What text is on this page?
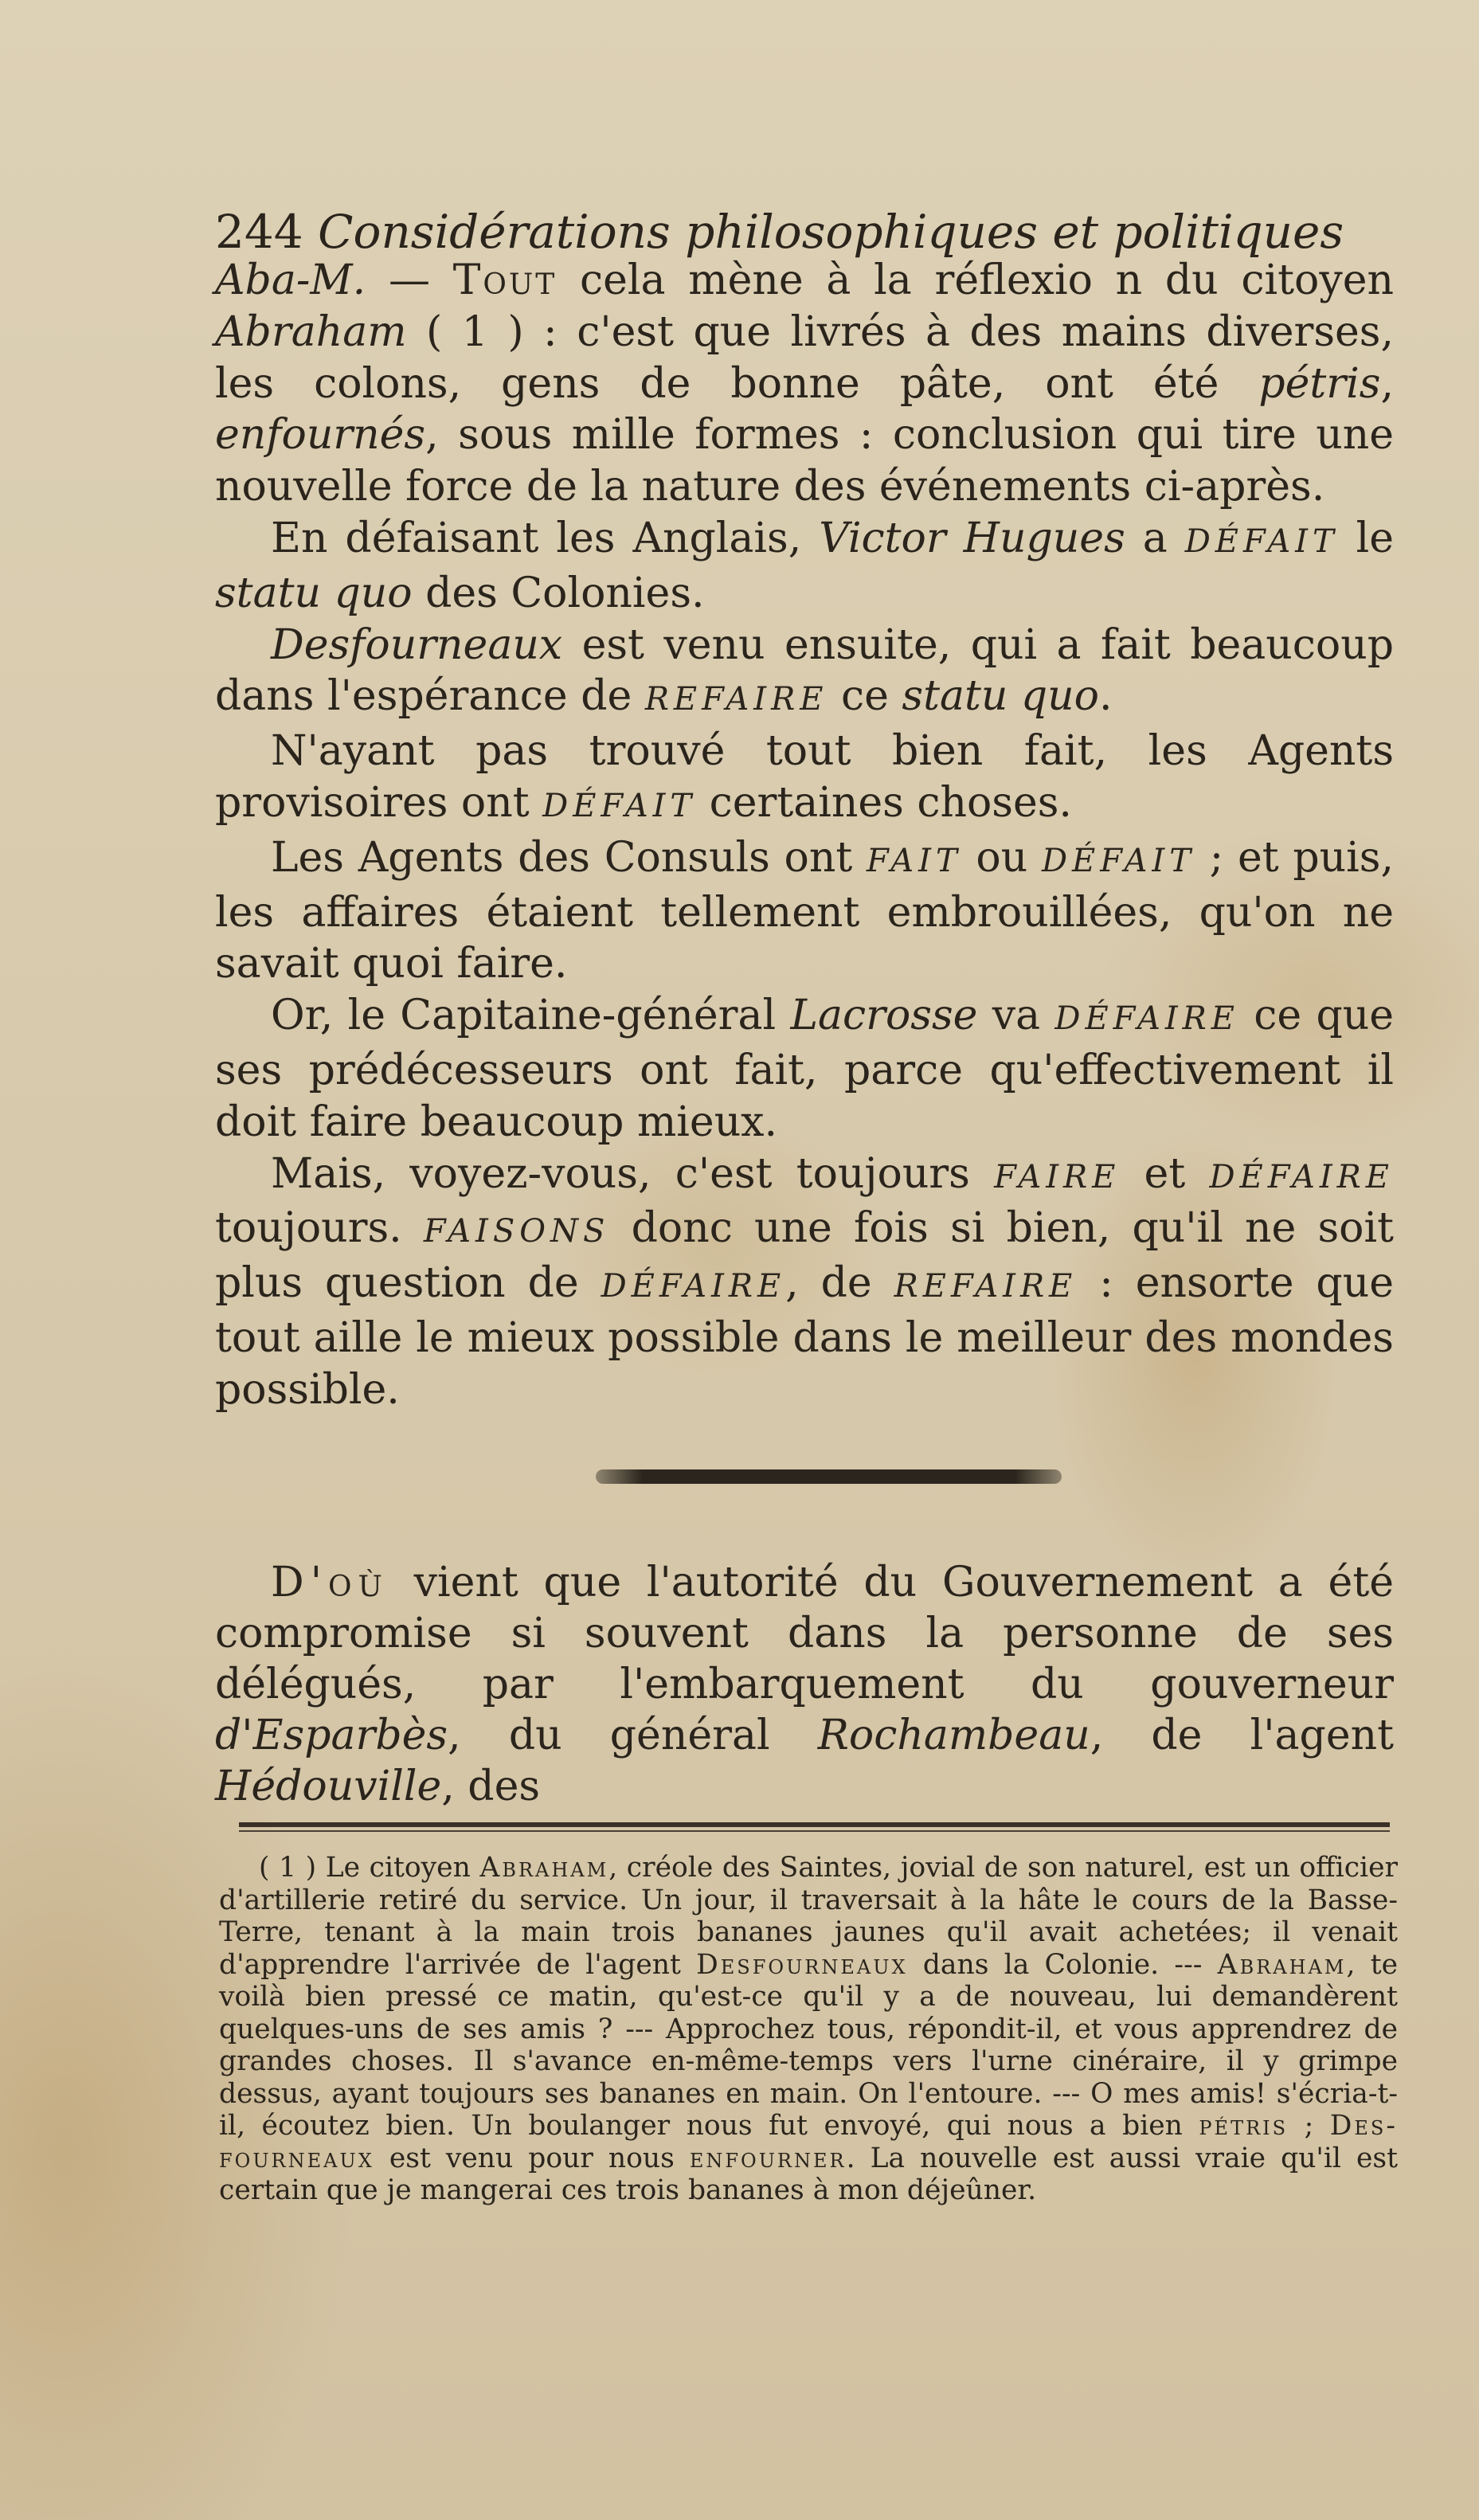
244 Considérations philosophiques et politiques

Aba-M. — Tout cela mène à la réflexio n du citoyen Abraham ( 1 ) : c'est que livrés à des mains diverses, les colons, gens de bonne pâte, ont été pétris, enfournés, sous mille formes : conclusion qui tire une nouvelle force de la nature des événements ci-après.

En défaisant les Anglais, Victor Hugues a DÉFAIT le statu quo des Colonies.

Desfourneaux est venu ensuite, qui a fait beaucoup dans l'espérance de REFAIRE ce statu quo.

N'ayant pas trouvé tout bien fait, les Agents provisoires ont DÉFAIT certaines choses.

Les Agents des Consuls ont FAIT ou DÉFAIT ; et puis, les affaires étaient tellement embrouillées, qu'on ne savait quoi faire.

Or, le Capitaine-général Lacrosse va DÉFAIRE ce que ses prédécesseurs ont fait, parce qu'effectivement il doit faire beaucoup mieux.

Mais, voyez-vous, c'est toujours FAIRE et DÉFAIRE toujours. FAISONS donc une fois si bien, qu'il ne soit plus question de DÉFAIRE, de REFAIRE : ensorte que tout aille le mieux possible dans le meilleur des mondes possible.

D'où vient que l'autorité du Gouvernement a été compromise si souvent dans la personne de ses délégués, par l'embarquement du gouverneur d'Esparbès, du général Rochambeau, de l'agent Hédouville, des

( 1 ) Le citoyen Abraham, créole des Saintes, jovial de son naturel, est un officier d'artillerie retiré du service. Un jour, il traversait à la hâte le cours de la Basse-Terre, tenant à la main trois bananes jaunes qu'il avait achetées; il venait d'apprendre l'arrivée de l'agent Desfourneaux dans la Colonie. --- Abraham, te voilà bien pressé ce matin, qu'est-ce qu'il y a de nouveau, lui demandèrent quelques-uns de ses amis ? --- Approchez tous, répondit-il, et vous apprendrez de grandes choses. Il s'avance en-même-temps vers l'urne cinéraire, il y grimpe dessus, ayant toujours ses bananes en main. On l'entoure. --- O mes amis! s'écria-t-il, écoutez bien. Un boulanger nous fut envoyé, qui nous a bien pétris ; Des-fourneaux est venu pour nous enfourner. La nouvelle est aussi vraie qu'il est certain que je mangerai ces trois bananes à mon déjeûner.
